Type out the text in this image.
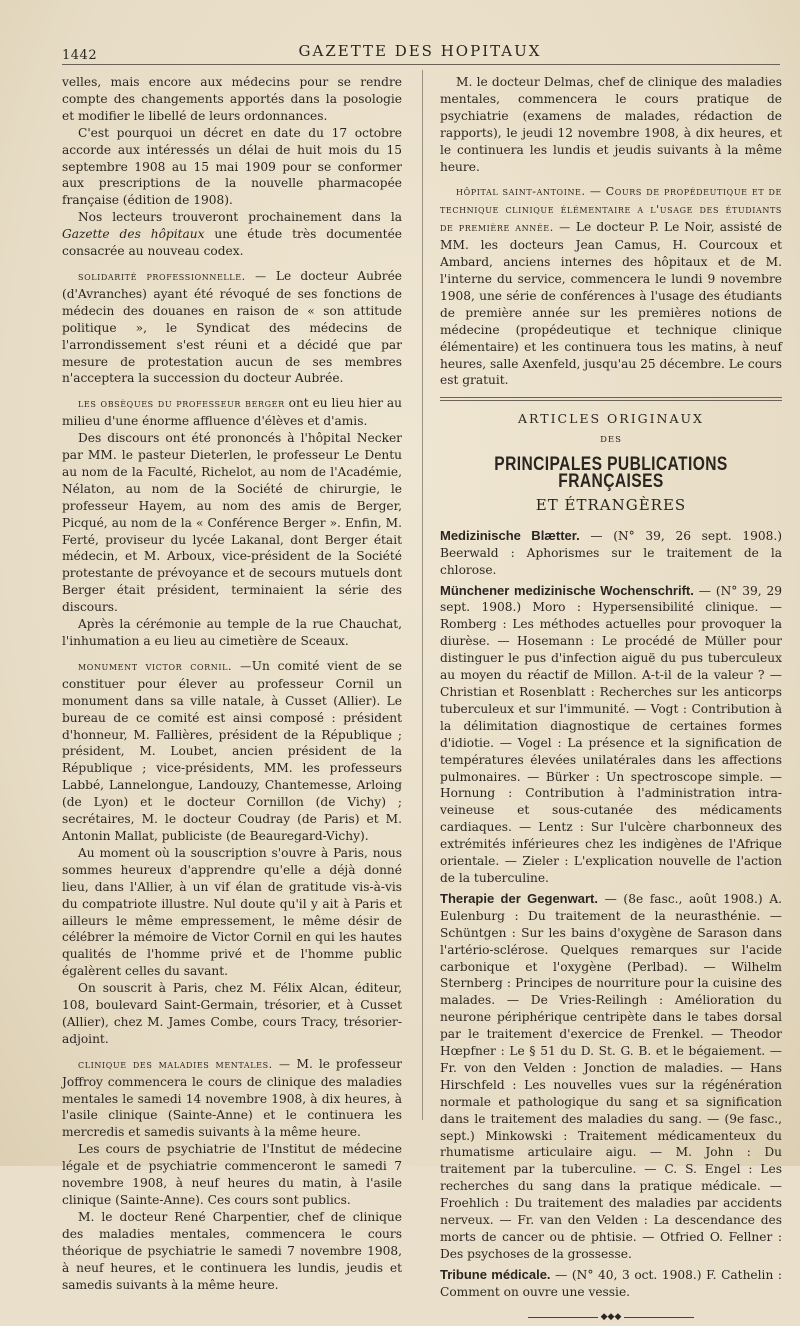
1442	GAZETTE DES HOPITAUX

velles, mais encore aux médecins pour se rendre compte des changements apportés dans la posologie et modifier le libellé de leurs ordonnances.

C'est pourquoi un décret en date du 17 octobre accorde aux intéressés un délai de huit mois du 15 septembre 1908 au 15 mai 1909 pour se conformer aux prescriptions de la nouvelle pharmacopée française (édition de 1908).

Nos lecteurs trouveront prochainement dans la Gazette des hôpitaux une étude très documentée consacrée au nouveau codex.

solidarité professionnelle. — Le docteur Aubrée (d'Avranches) ayant été révoqué de ses fonctions de médecin des douanes en raison de « son attitude politique », le Syndicat des médecins de l'arrondissement s'est réuni et a décidé que par mesure de protestation aucun de ses membres n'acceptera la succession du docteur Aubrée.

les obsèques du professeur berger ont eu lieu hier au milieu d'une énorme affluence d'élèves et d'amis.

Des discours ont été prononcés à l'hôpital Necker par MM. le pasteur Dieterlen, le professeur Le Dentu au nom de la Faculté, Richelot, au nom de l'Académie, Nélaton, au nom de la Société de chirurgie, le professeur Hayem, au nom des amis de Berger, Picqué, au nom de la « Conférence Berger ». Enfin, M. Ferté, proviseur du lycée Lakanal, dont Berger était médecin, et M. Arboux, vice-président de la Société protestante de prévoyance et de secours mutuels dont Berger était président, terminaient la série des discours.

Après la cérémonie au temple de la rue Chauchat, l'inhumation a eu lieu au cimetière de Sceaux.

monument victor cornil. —Un comité vient de se constituer pour élever au professeur Cornil un monument dans sa ville natale, à Cusset (Allier). Le bureau de ce comité est ainsi composé : président d'honneur, M. Fallières, président de la République ; président, M. Loubet, ancien président de la République ; vice-présidents, MM. les professeurs Labbé, Lannelongue, Landouzy, Chantemesse, Arloing (de Lyon) et le docteur Cornillon (de Vichy) ; secrétaires, M. le docteur Coudray (de Paris) et M. Antonin Mallat, publiciste (de Beauregard-Vichy).

Au moment où la souscription s'ouvre à Paris, nous sommes heureux d'apprendre qu'elle a déjà donné lieu, dans l'Allier, à un vif élan de gratitude vis-à-vis du compatriote illustre. Nul doute qu'il y ait à Paris et ailleurs le même empressement, le même désir de célébrer la mémoire de Victor Cornil en qui les hautes qualités de l'homme privé et de l'homme public égalèrent celles du savant.

On souscrit à Paris, chez M. Félix Alcan, éditeur, 108, boulevard Saint-Germain, trésorier, et à Cusset (Allier), chez M. James Combe, cours Tracy, trésorier-adjoint.

clinique des maladies mentales. — M. le professeur Joffroy commencera le cours de clinique des maladies mentales le samedi 14 novembre 1908, à dix heures, à l'asile clinique (Sainte-Anne) et le continuera les mercredis et samedis suivants à la même heure.

Les cours de psychiatrie de l'Institut de médecine légale et de psychiatrie commenceront le samedi 7 novembre 1908, à neuf heures du matin, à l'asile clinique (Sainte-Anne). Ces cours sont publics.

M. le docteur René Charpentier, chef de clinique des maladies mentales, commencera le cours théorique de psychiatrie le samedi 7 novembre 1908, à neuf heures, et le continuera les lundis, jeudis et samedis suivants à la même heure.

M. le docteur Delmas, chef de clinique des maladies mentales, commencera le cours pratique de psychiatrie (examens de malades, rédaction de rapports), le jeudi 12 novembre 1908, à dix heures, et le continuera les lundis et jeudis suivants à la même heure.

hôpital saint-antoine. — Cours de propédeutique et de technique clinique élémentaire a l'usage des étudiants de première année. — Le docteur P. Le Noir, assisté de MM. les docteurs Jean Camus, H. Courcoux et Ambard, anciens internes des hôpitaux et de M. l'interne du service, commencera le lundi 9 novembre 1908, une série de conférences à l'usage des étudiants de première année sur les premières notions de médecine (propédeutique et technique clinique élémentaire) et les continuera tous les matins, à neuf heures, salle Axenfeld, jusqu'au 25 décembre. Le cours est gratuit.

ARTICLES ORIGINAUX
DES
PRINCIPALES PUBLICATIONS FRANÇAISES
ET ÉTRANGÈRES

Medizinische Blætter. — (N° 39, 26 sept. 1908.) Beerwald : Aphorismes sur le traitement de la chlorose.

Münchener medizinische Wochenschrift. — (N° 39, 29 sept. 1908.) Moro : Hypersensibilité clinique. — Romberg : Les méthodes actuelles pour provoquer la diurèse. — Hosemann : Le procédé de Müller pour distinguer le pus d'infection aiguë du pus tuberculeux au moyen du réactif de Millon. A-t-il de la valeur ? — Christian et Rosenblatt : Recherches sur les anticorps tuberculeux et sur l'immunité. — Vogt : Contribution à la délimitation diagnostique de certaines formes d'idiotie. — Vogel : La présence et la signification de températures élevées unilatérales dans les affections pulmonaires. — Bürker : Un spectroscope simple. — Hornung : Contribution à l'administration intra-veineuse et sous-cutanée des médicaments cardiaques. — Lentz : Sur l'ulcère charbonneux des extrémités inférieures chez les indigènes de l'Afrique orientale. — Zieler : L'explication nouvelle de l'action de la tuberculine.

Therapie der Gegenwart. — (8e fasc., août 1908.) A. Eulenburg : Du traitement de la neurasthénie. — Schüntgen : Sur les bains d'oxygène de Sarason dans l'artério-sclérose. Quelques remarques sur l'acide carbonique et l'oxygène (Perlbad). — Wilhelm Sternberg : Principes de nourriture pour la cuisine des malades. — De Vries-Reilingh : Amélioration du neurone périphérique centripète dans le tabes dorsal par le traitement d'exercice de Frenkel. — Theodor Hœpfner : Le § 51 du D. St. G. B. et le bégaiement. — Fr. von den Velden : Jonction de maladies. — Hans Hirschfeld : Les nouvelles vues sur la régénération normale et pathologique du sang et sa signification dans le traitement des maladies du sang. — (9e fasc., sept.) Minkowski : Traitement médicamenteux du rhumatisme articulaire aigu. — M. John : Du traitement par la tuberculine. — C. S. Engel : Les recherches du sang dans la pratique médicale. — Froehlich : Du traitement des maladies par accidents nerveux. — Fr. van den Velden : La descendance des morts de cancer ou de phtisie. — Otfried O. Fellner : Des psychoses de la grossesse.

Tribune médicale. — (N° 40, 3 oct. 1908.) F. Cathelin : Comment on ouvre une vessie.

◆◆◆
